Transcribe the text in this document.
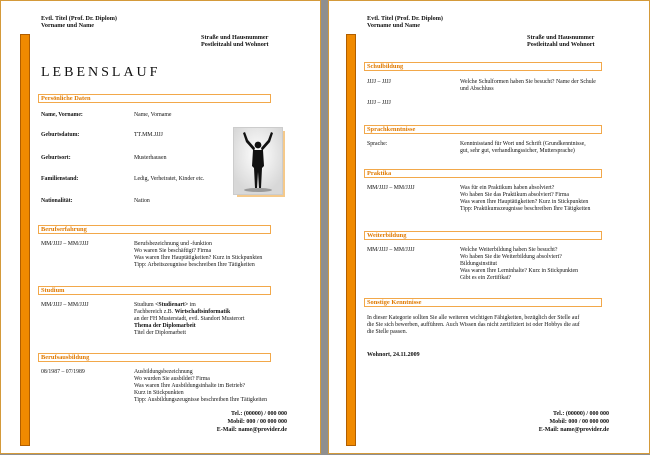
Evtl. Titel (Prof. Dr. Diplom)
Vorname und Name
Straße und Hausnummer
Postleitzahl und Wohnort
LEBENSLAUF
Persönliche Daten
Name, Vorname:	Name, Vorname
Geburtsdatum:	TT.MM.JJJJ
Geburtsort:	Musterhausen
Familienstand:	Ledig, Verheiratet, Kinder etc.
Nationalität:	Nation
Berufserfahrung
MM/JJJJ – MM/JJJJ	Berufsbezeichnung und -funktion
Wo waren Sie beschäftigt? Firma
Was waren Ihre Hauptätigkeiten? Kurz in Stickpunkten
Tipp: Arbeitszeugnisse beschreiben Ihre Tätigkeiten
Studium
MM/JJJJ – MM/JJJJ	Studium <Studienart> im
Fachbereich z.B. Wirtschaftsinformatik
an der FH Musterstadt, evtl. Standort Musterort
Thema der Diplomarbeit
Titel der Diplomarbeit
Berufsausbildung
08/1987 – 07/1989	Ausbildungsbezeichnung
Wo wurden Sie ausbildet? Firma
Was waren Ihre Ausbildungsinhalte im Betrieb?
Kurz in Stickpunkten
Tipp: Ausbildungszeugnisse beschreiben Ihre Tätigkeiten
Tel.: (00000) / 000 000
Mobil: 000 / 00 000 000
E-Mail: name@provider.de
Evtl. Titel (Prof. Dr. Diplom)
Vorname und Name
Straße und Hausnummer
Postleitzahl und Wohnort
Schulbildung
JJJJ – JJJJ	Welche Schulformen haben Sie besucht? Name der Schule
und Abschluss
JJJJ – JJJJ
Sprachkenntnisse
Sprache:	Kenntnisstand für Wort und Schrift (Grundkenntnisse,
gut, sehr gut, verhandlungssicher, Muttersprache)
Praktika
MM/JJJJ – MM/JJJJ	Was für ein Praktikum haben absolviert?
Wo haben Sie das Praktikum absolviert? Firma
Was waren Ihre Hauptätigkeiten? Kurz in Stickpunkten
Tipp: Praktikumszeugnisse beschreiben Ihre Tätigkeiten
Weiterbildung
MM/JJJJ – MM/JJJJ	Welche Weiterbildung haben Sie besucht?
Wo haben Sie die Weiterbildung absolviert?
Bildungsinstitut
Was waren Ihre Lerninhalte? Kurz in Stickpunkten
Gibt es ein Zertifikat?
Sonstige Kenntnisse
In dieser Kategorie sollten Sie alle weiteren wichtigen Fähigkeiten, bezüglich der Stelle auf
die Sie sich bewerben, aufführen. Auch Wissen das nicht zertifiziert ist oder Hobbys die auf
die Stelle passen.
Wohnort, 24.11.2009
Tel.: (00000) / 000 000
Mobil: 000 / 00 000 000
E-Mail: name@provider.de
